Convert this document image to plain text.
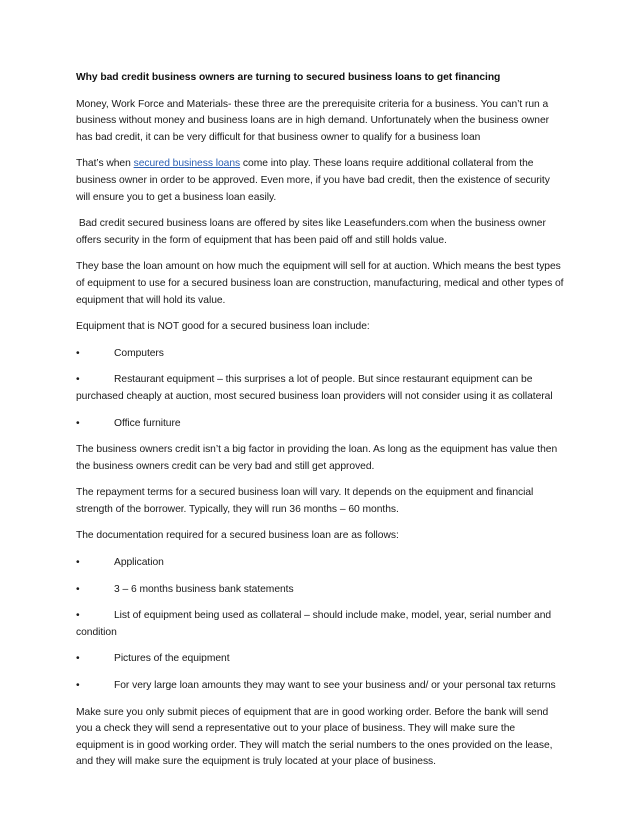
Why bad credit business owners are turning to secured business loans to get financing

Money, Work Force and Materials- these three are the prerequisite criteria for a business. You can’t run a business without money and business loans are in high demand. Unfortunately when the business owner has bad credit, it can be very difficult for that business owner to qualify for a business loan

That’s when secured business loans come into play. These loans require additional collateral from the business owner in order to be approved. Even more, if you have bad credit, then the existence of security will ensure you to get a business loan easily.

Bad credit secured business loans are offered by sites like Leasefunders.com when the business owner offers security in the form of equipment that has been paid off and still holds value.

They base the loan amount on how much the equipment will sell for at auction. Which means the best types of equipment to use for a secured business loan are construction, manufacturing, medical and other types of equipment that will hold its value.

Equipment that is NOT good for a secured business loan include:

•	Computers
•	Restaurant equipment – this surprises a lot of people. But since restaurant equipment can be purchased cheaply at auction, most secured business loan providers will not consider using it as collateral
•	Office furniture

The business owners credit isn’t a big factor in providing the loan. As long as the equipment has value then the business owners credit can be very bad and still get approved.

The repayment terms for a secured business loan will vary. It depends on the equipment and financial strength of the borrower. Typically, they will run 36 months – 60 months.

The documentation required for a secured business loan are as follows:

•	Application
•	3 – 6 months business bank statements
•	List of equipment being used as collateral – should include make, model, year, serial number and condition
•	Pictures of the equipment
•	For very large loan amounts they may want to see your business and/ or your personal tax returns

Make sure you only submit pieces of equipment that are in good working order. Before the bank will send you a check they will send a representative out to your place of business. They will make sure the equipment is in good working order. They will match the serial numbers to the ones provided on the lease, and they will make sure the equipment is truly located at your place of business.
